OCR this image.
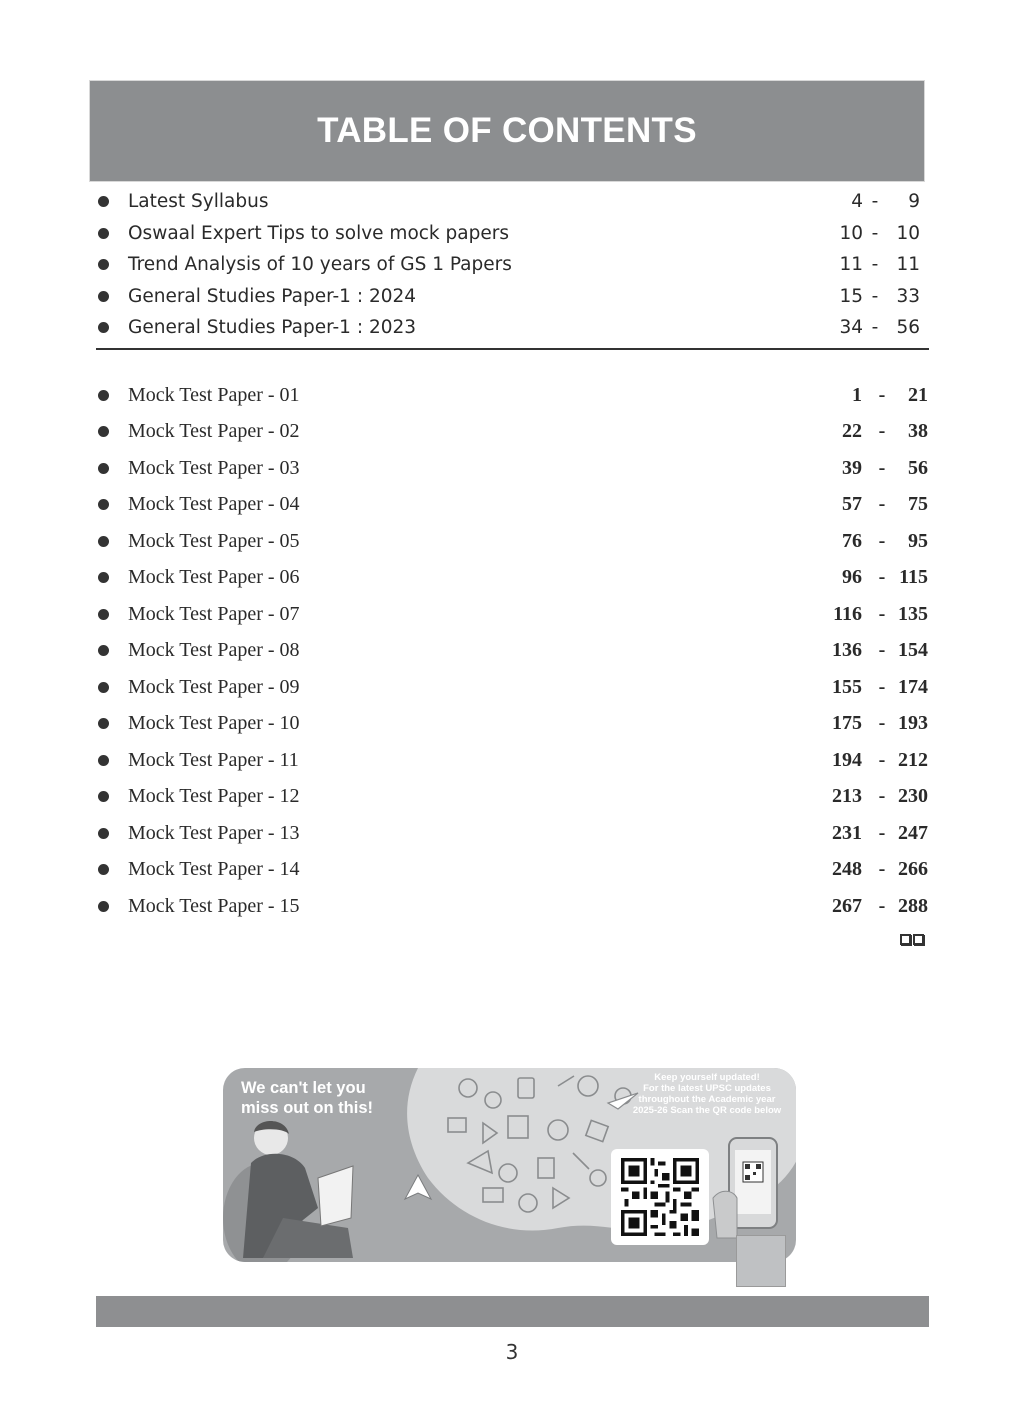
TABLE OF CONTENTS
Latest Syllabus	4 - 9
Oswaal Expert Tips to solve mock papers	10 - 10
Trend Analysis of 10 years of GS 1 Papers	11 - 11
General Studies Paper-1 : 2024	15 - 33
General Studies Paper-1 : 2023	34 - 56
Mock Test Paper - 01	1 - 21
Mock Test Paper - 02	22 - 38
Mock Test Paper - 03	39 - 56
Mock Test Paper - 04	57 - 75
Mock Test Paper - 05	76 - 95
Mock Test Paper - 06	96 - 115
Mock Test Paper - 07	116 - 135
Mock Test Paper - 08	136 - 154
Mock Test Paper - 09	155 - 174
Mock Test Paper - 10	175 - 193
Mock Test Paper - 11	194 - 212
Mock Test Paper - 12	213 - 230
Mock Test Paper - 13	231 - 247
Mock Test Paper - 14	248 - 266
Mock Test Paper - 15	267 - 288
We can't let you
miss out on this!
Keep yourself updated!
For the latest UPSC updates
throughout the Academic year
2025-26 Scan the QR code below
3
